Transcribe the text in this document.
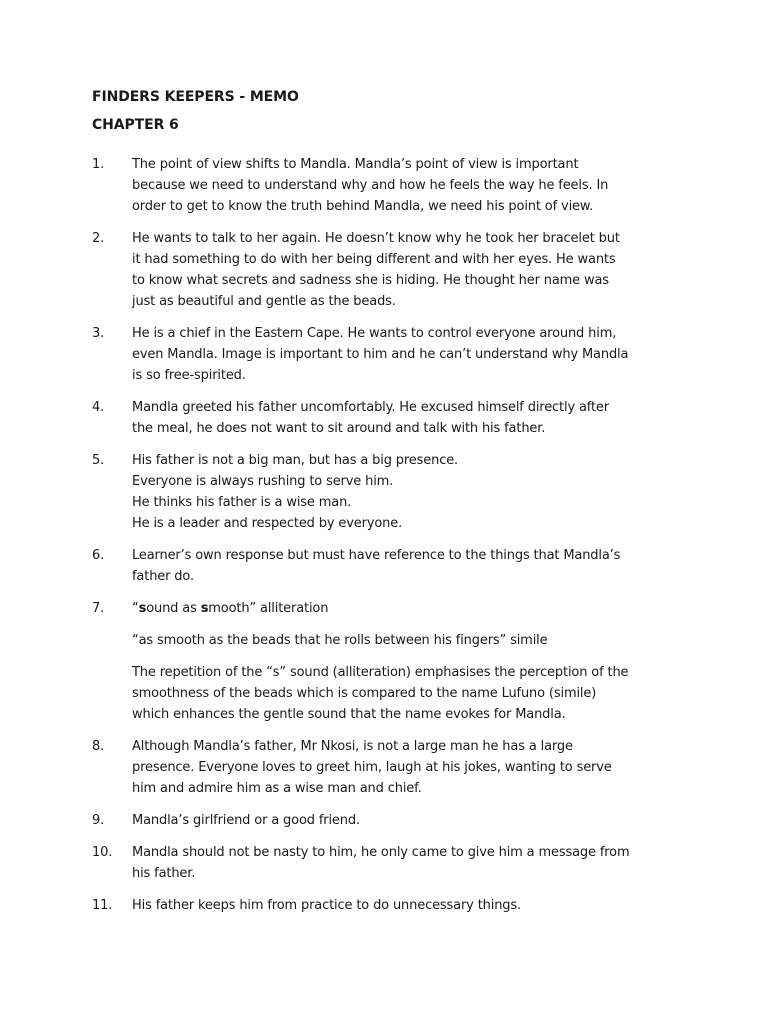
FINDERS KEEPERS - MEMO
CHAPTER 6
1.	The point of view shifts to Mandla. Mandla’s point of view is important
because we need to understand why and how he feels the way he feels. In
order to get to know the truth behind Mandla, we need his point of view.
2.	He wants to talk to her again. He doesn’t know why he took her bracelet but
it had something to do with her being different and with her eyes. He wants
to know what secrets and sadness she is hiding. He thought her name was
just as beautiful and gentle as the beads.
3.	He is a chief in the Eastern Cape. He wants to control everyone around him,
even Mandla. Image is important to him and he can’t understand why Mandla
is so free-spirited.
4.	Mandla greeted his father uncomfortably. He excused himself directly after
the meal, he does not want to sit around and talk with his father.
5.	His father is not a big man, but has a big presence.
Everyone is always rushing to serve him.
He thinks his father is a wise man.
He is a leader and respected by everyone.
6.	Learner’s own response but must have reference to the things that Mandla’s
father do.
7.	“sound as smooth” alliteration
“as smooth as the beads that he rolls between his fingers” simile
The repetition of the “s” sound (alliteration) emphasises the perception of the
smoothness of the beads which is compared to the name Lufuno (simile)
which enhances the gentle sound that the name evokes for Mandla.
8.	Although Mandla’s father, Mr Nkosi, is not a large man he has a large
presence. Everyone loves to greet him, laugh at his jokes, wanting to serve
him and admire him as a wise man and chief.
9.	Mandla’s girlfriend or a good friend.
10.	Mandla should not be nasty to him, he only came to give him a message from
his father.
11.	His father keeps him from practice to do unnecessary things.
